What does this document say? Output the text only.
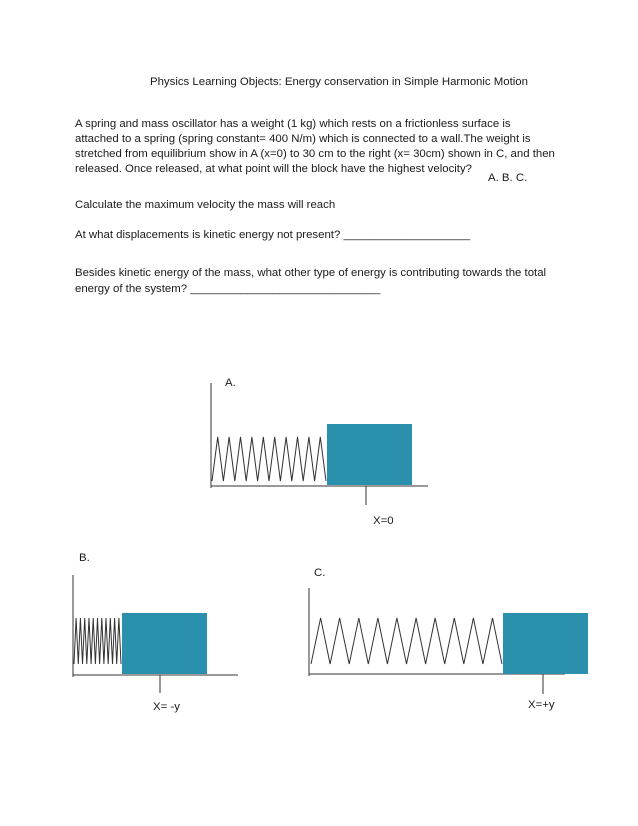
Physics Learning Objects: Energy conservation in Simple Harmonic Motion
A spring and mass oscillator has a weight (1 kg) which rests on a frictionless surface is
attached to a spring (spring constant= 400 N/m) which is connected to a wall.The weight is
stretched from equilibrium show in A (x=0) to 30 cm to the right (x= 30cm) shown in C, and then
released. Once released, at what point will the block have the highest velocity?
A. B. C.
Calculate the maximum velocity the mass will reach
At what displacements is kinetic energy not present? ____________________
Besides kinetic energy of the mass, what other type of energy is contributing towards the total
energy of the system? ______________________________
A.
X=0
B.
X= -y
C.
X=+y
